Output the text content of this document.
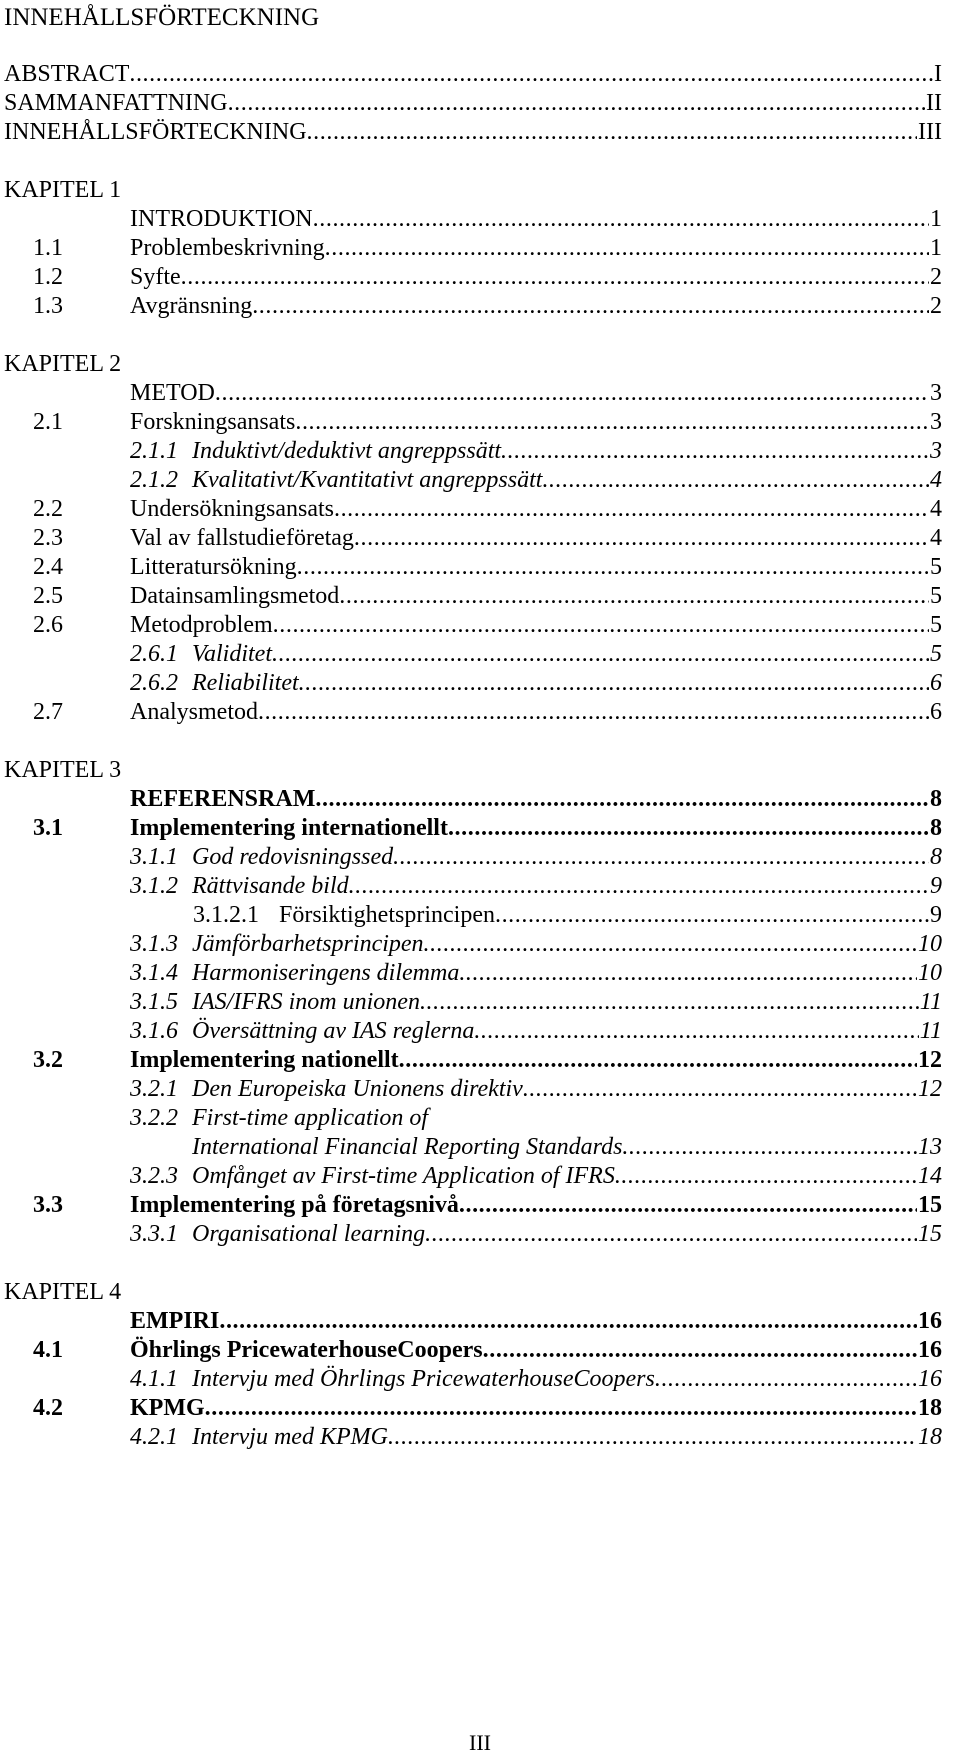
INNEHÅLLSFÖRTECKNING
ABSTRACT .....	I
SAMMANFATTNING .....	II
INNEHÅLLSFÖRTECKNING .....	III
KAPITEL 1
INTRODUKTION .....	1
1.1	Problembeskrivning .....	1
1.2	Syfte .....	2
1.3	Avgränsning .....	2
KAPITEL 2
METOD .....	3
2.1	Forskningsansats .....	3
2.1.1 Induktivt/deduktivt angreppssätt .....	3
2.1.2 Kvalitativt/Kvantitativt angreppssätt .....	4
2.2	Undersökningsansats .....	4
2.3	Val av fallstudieföretag .....	4
2.4	Litteratursökning .....	5
2.5	Datainsamlingsmetod .....	5
2.6	Metodproblem .....	5
2.6.1 Validitet .....	5
2.6.2 Reliabilitet .....	6
2.7	Analysmetod .....	6
KAPITEL 3
REFERENSRAM .....	8
3.1	Implementering internationellt .....	8
3.1.1 God redovisningssed .....	8
3.1.2 Rättvisande bild .....	9
3.1.2.1 Försiktighetsprincipen .....	9
3.1.3 Jämförbarhetsprincipen .....	10
3.1.4 Harmoniseringens dilemma .....	10
3.1.5 IAS/IFRS inom unionen .....	11
3.1.6 Översättning av IAS reglerna .....	11
3.2	Implementering nationellt .....	12
3.2.1 Den Europeiska Unionens direktiv .....	12
3.2.2 First-time application of
International Financial Reporting Standards .....	13
3.2.3 Omfånget av First-time Application of IFRS .....	14
3.3	Implementering på företagsnivå .....	15
3.3.1 Organisational learning .....	15
KAPITEL 4
EMPIRI .....	16
4.1	Öhrlings PricewaterhouseCoopers .....	16
4.1.1 Intervju med Öhrlings PricewaterhouseCoopers .....	16
4.2	KPMG .....	18
4.2.1 Intervju med KPMG .....	18
III
